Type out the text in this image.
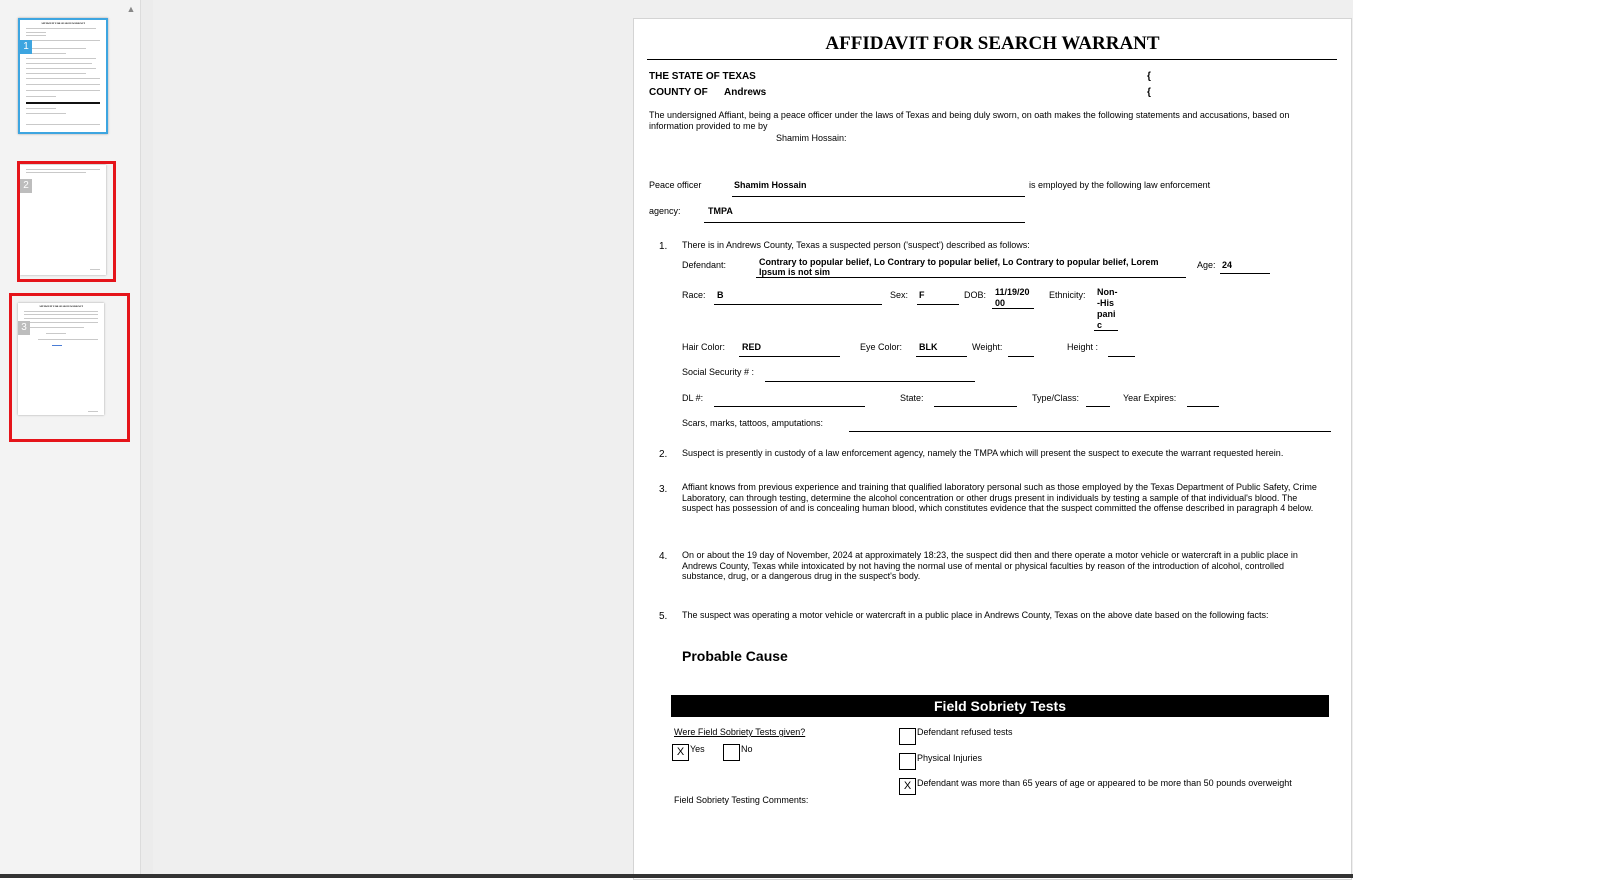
▲
AFFIDAVIT FOR SEARCH WARRANT
1
2
AFFIDAVIT FOR SEARCH WARRANT
3
AFFIDAVIT FOR SEARCH WARRANT
THE STATE OF TEXAS	{
COUNTY OF Andrews	{
The undersigned Affiant, being a peace officer under the laws of Texas and being duly sworn, on oath makes the following statements and accusations, based on information provided to me by
Shamim Hossain:
Peace officer	Shamim Hossain	is employed by the following law enforcement
agency:	TMPA
1. There is in Andrews County, Texas a suspected person ('suspect') described as follows:
Defendant:	Contrary to popular belief, Lo Contrary to popular belief, Lo Contrary to popular belief, Lorem
Ipsum is not sim
Age: 24
Race: B	Sex: F	DOB: 11/19/20
00
Ethnicity: Non-
-His
pani
c
Hair Color: RED	Eye Color: BLK	Weight:	Height :
Social Security # :
DL #:	State:	Type/Class:	Year Expires:
Scars, marks, tattoos, amputations:
2. Suspect is presently in custody of a law enforcement agency, namely the TMPA which will present the suspect to execute the warrant requested herein.
3. Affiant knows from previous experience and training that qualified laboratory personal such as those employed by the Texas Department of Public Safety, Crime Laboratory, can through testing, determine the alcohol concentration or other drugs present in individuals by testing a sample of that individual's blood. The suspect has possession of and is concealing human blood, which constitutes evidence that the suspect committed the offense described in paragraph 4 below.
4. On or about the 19 day of November, 2024 at approximately 18:23, the suspect did then and there operate a motor vehicle or watercraft in a public place in Andrews County, Texas while intoxicated by not having the normal use of mental or physical faculties by reason of the introduction of alcohol, controlled substance, drug, or a dangerous drug in the suspect's body.
5. The suspect was operating a motor vehicle or watercraft in a public place in Andrews County, Texas on the above date based on the following facts:
Probable Cause
Field Sobriety Tests
Were Field Sobriety Tests given?
X Yes	No
Defendant refused tests
Physical Injuries
X Defendant was more than 65 years of age or appeared to be more than 50 pounds overweight
Field Sobriety Testing Comments:
